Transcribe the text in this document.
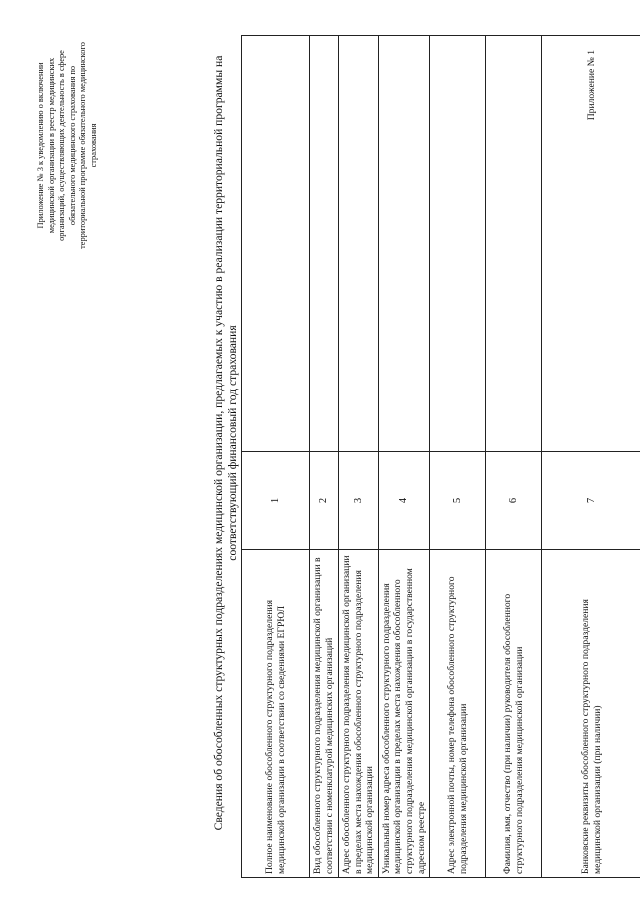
Приложение № 3 к уведомлению о включении медицинской организации в реестр медицинских организаций, осуществляющих деятельность в сфере обязательного медицинского страхования по территориальной программе обязательного медицинского страхования	Сведения об обособленных структурных подразделениях медицинской организации, предлагаемых к участию в реализации территориальной программы на соответствующий финансовый год страхования
Полное наименование обособленного структурного подразделения медицинской организации в соответствии со сведениями ЕГРЮЛ	1	
Вид обособленного структурного подразделения медицинской организации в соответствии с номенклатурой медицинских организаций	2	
Адрес обособленного структурного подразделения медицинской организации в пределах места нахождения обособленного структурного подразделения медицинской организации	3	
Уникальный номер адреса обособленного структурного подразделения медицинской организации в пределах места нахождения обособленного структурного подразделения медицинской организации в государственном адресном реестре	4	
Адрес электронной почты, номер телефона обособленного структурного подразделения медицинской организации	5	
Фамилия, имя, отчество (при наличии) руководителя обособленного структурного подразделения медицинской организации	6	
Банковские реквизиты обособленного структурного подразделения медицинской организации (при наличии)	7	Приложение № 1
